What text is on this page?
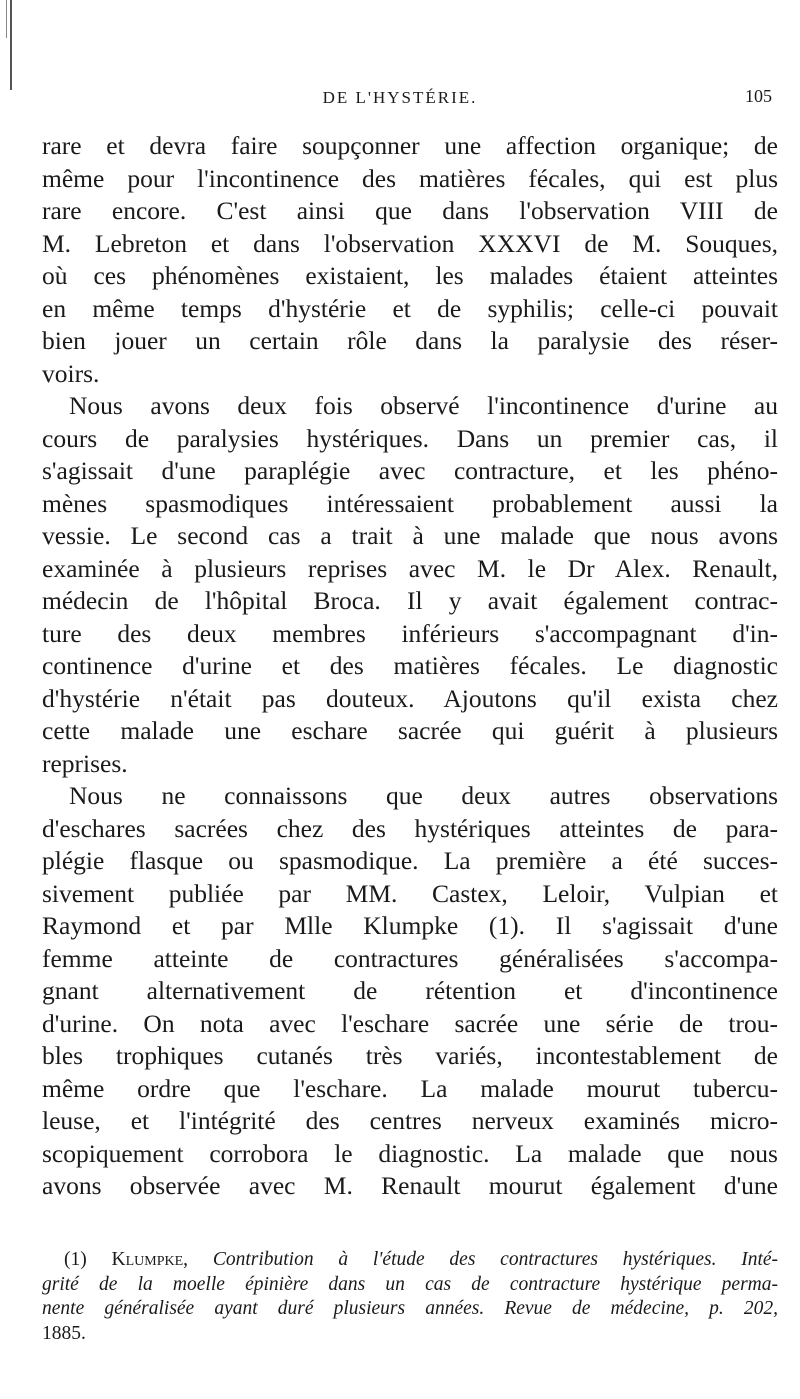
DE L'HYSTÉRIE.	105
rare et devra faire soupçonner une affection organique; de
même pour l'incontinence des matières fécales, qui est plus
rare encore. C'est ainsi que dans l'observation VIII de
M. Lebreton et dans l'observation XXXVI de M. Souques,
où ces phénomènes existaient, les malades étaient atteintes
en même temps d'hystérie et de syphilis; celle-ci pouvait
bien jouer un certain rôle dans la paralysie des réser-
voirs.
Nous avons deux fois observé l'incontinence d'urine au
cours de paralysies hystériques. Dans un premier cas, il
s'agissait d'une paraplégie avec contracture, et les phéno-
mènes spasmodiques intéressaient probablement aussi la
vessie. Le second cas a trait à une malade que nous avons
examinée à plusieurs reprises avec M. le Dr Alex. Renault,
médecin de l'hôpital Broca. Il y avait également contrac-
ture des deux membres inférieurs s'accompagnant d'in-
continence d'urine et des matières fécales. Le diagnostic
d'hystérie n'était pas douteux. Ajoutons qu'il exista chez
cette malade une eschare sacrée qui guérit à plusieurs
reprises.
Nous ne connaissons que deux autres observations
d'eschares sacrées chez des hystériques atteintes de para-
plégie flasque ou spasmodique. La première a été succes-
sivement publiée par MM. Castex, Leloir, Vulpian et
Raymond et par Mlle Klumpke (1). Il s'agissait d'une
femme atteinte de contractures généralisées s'accompa-
gnant alternativement de rétention et d'incontinence
d'urine. On nota avec l'eschare sacrée une série de trou-
bles trophiques cutanés très variés, incontestablement de
même ordre que l'eschare. La malade mourut tubercu-
leuse, et l'intégrité des centres nerveux examinés micro-
scopiquement corrobora le diagnostic. La malade que nous
avons observée avec M. Renault mourut également d'une
(1) Klumpke, Contribution à l'étude des contractures hystériques. Inté-
grité de la moelle épinière dans un cas de contracture hystérique perma-
nente généralisée ayant duré plusieurs années. Revue de médecine, p. 202,
1885.
